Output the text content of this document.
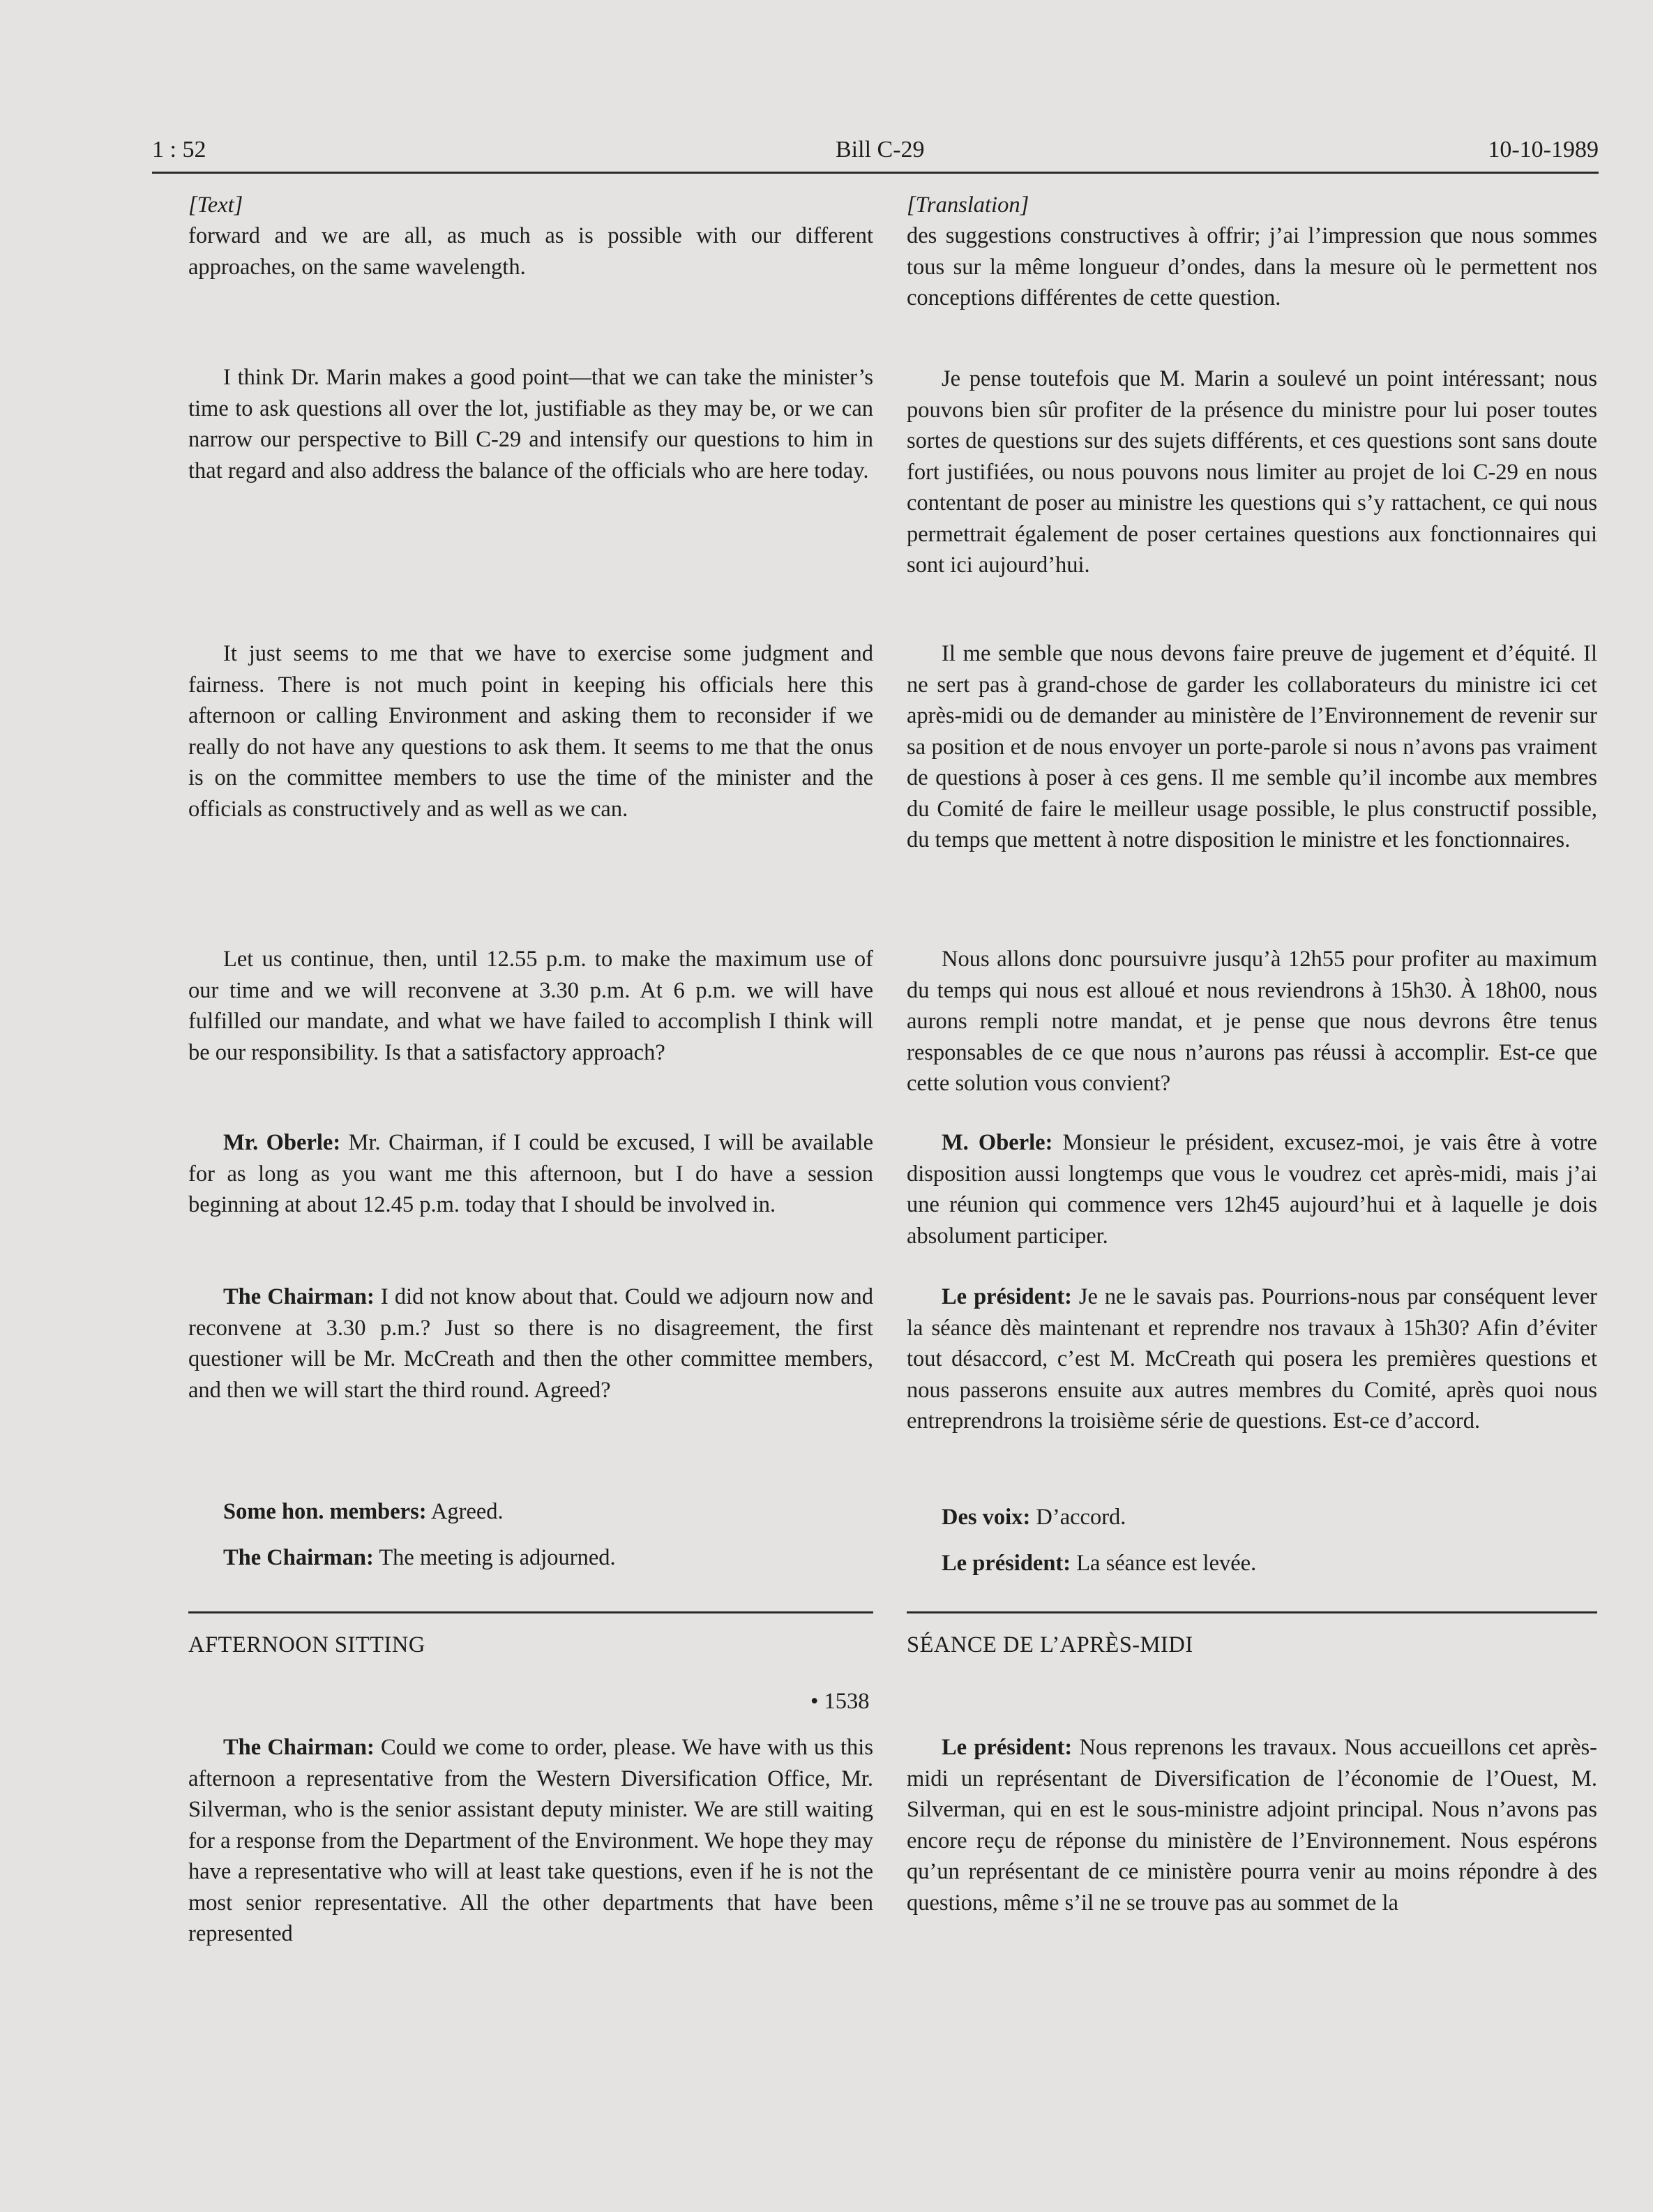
1 : 52	Bill C-29	10-10-1989
[Text]

forward and we are all, as much as is possible with our different approaches, on the same wavelength.

I think Dr. Marin makes a good point—that we can take the minister’s time to ask questions all over the lot, justifiable as they may be, or we can narrow our perspective to Bill C-29 and intensify our questions to him in that regard and also address the balance of the officials who are here today.

It just seems to me that we have to exercise some judgment and fairness. There is not much point in keeping his officials here this afternoon or calling Environment and asking them to reconsider if we really do not have any questions to ask them. It seems to me that the onus is on the committee members to use the time of the minister and the officials as constructively and as well as we can.

Let us continue, then, until 12.55 p.m. to make the maximum use of our time and we will reconvene at 3.30 p.m. At 6 p.m. we will have fulfilled our mandate, and what we have failed to accomplish I think will be our responsibility. Is that a satisfactory approach?

Mr. Oberle: Mr. Chairman, if I could be excused, I will be available for as long as you want me this afternoon, but I do have a session beginning at about 12.45 p.m. today that I should be involved in.

The Chairman: I did not know about that. Could we adjourn now and reconvene at 3.30 p.m.? Just so there is no disagreement, the first questioner will be Mr. McCreath and then the other committee members, and then we will start the third round. Agreed?

Some hon. members: Agreed.

The Chairman: The meeting is adjourned.

AFTERNOON SITTING
• 1538

The Chairman: Could we come to order, please. We have with us this afternoon a representative from the Western Diversification Office, Mr. Silverman, who is the senior assistant deputy minister. We are still waiting for a response from the Department of the Environment. We hope they may have a representative who will at least take questions, even if he is not the most senior representative. All the other departments that have been represented

[Translation]

des suggestions constructives à offrir; j’ai l’impression que nous sommes tous sur la même longueur d’ondes, dans la mesure où le permettent nos conceptions différentes de cette question.

Je pense toutefois que M. Marin a soulevé un point intéressant; nous pouvons bien sûr profiter de la présence du ministre pour lui poser toutes sortes de questions sur des sujets différents, et ces questions sont sans doute fort justifiées, ou nous pouvons nous limiter au projet de loi C-29 en nous contentant de poser au ministre les questions qui s’y rattachent, ce qui nous permettrait également de poser certaines questions aux fonctionnaires qui sont ici aujourd’hui.

Il me semble que nous devons faire preuve de jugement et d’équité. Il ne sert pas à grand-chose de garder les collaborateurs du ministre ici cet après-midi ou de demander au ministère de l’Environnement de revenir sur sa position et de nous envoyer un porte-parole si nous n’avons pas vraiment de questions à poser à ces gens. Il me semble qu’il incombe aux membres du Comité de faire le meilleur usage possible, le plus constructif possible, du temps que mettent à notre disposition le ministre et les fonctionnaires.

Nous allons donc poursuivre jusqu’à 12h55 pour profiter au maximum du temps qui nous est alloué et nous reviendrons à 15h30. À 18h00, nous aurons rempli notre mandat, et je pense que nous devrons être tenus responsables de ce que nous n’aurons pas réussi à accomplir. Est-ce que cette solution vous convient?

M. Oberle: Monsieur le président, excusez-moi, je vais être à votre disposition aussi longtemps que vous le voudrez cet après-midi, mais j’ai une réunion qui commence vers 12h45 aujourd’hui et à laquelle je dois absolument participer.

Le président: Je ne le savais pas. Pourrions-nous par conséquent lever la séance dès maintenant et reprendre nos travaux à 15h30? Afin d’éviter tout désaccord, c’est M. McCreath qui posera les premières questions et nous passerons ensuite aux autres membres du Comité, après quoi nous entreprendrons la troisième série de questions. Est-ce d’accord.

Des voix: D’accord.

Le président: La séance est levée.

SÉANCE DE L’APRÈS-MIDI

Le président: Nous reprenons les travaux. Nous accueillons cet après-midi un représentant de Diversification de l’économie de l’Ouest, M. Silverman, qui en est le sous-ministre adjoint principal. Nous n’avons pas encore reçu de réponse du ministère de l’Environnement. Nous espérons qu’un représentant de ce ministère pourra venir au moins répondre à des questions, même s’il ne se trouve pas au sommet de la
